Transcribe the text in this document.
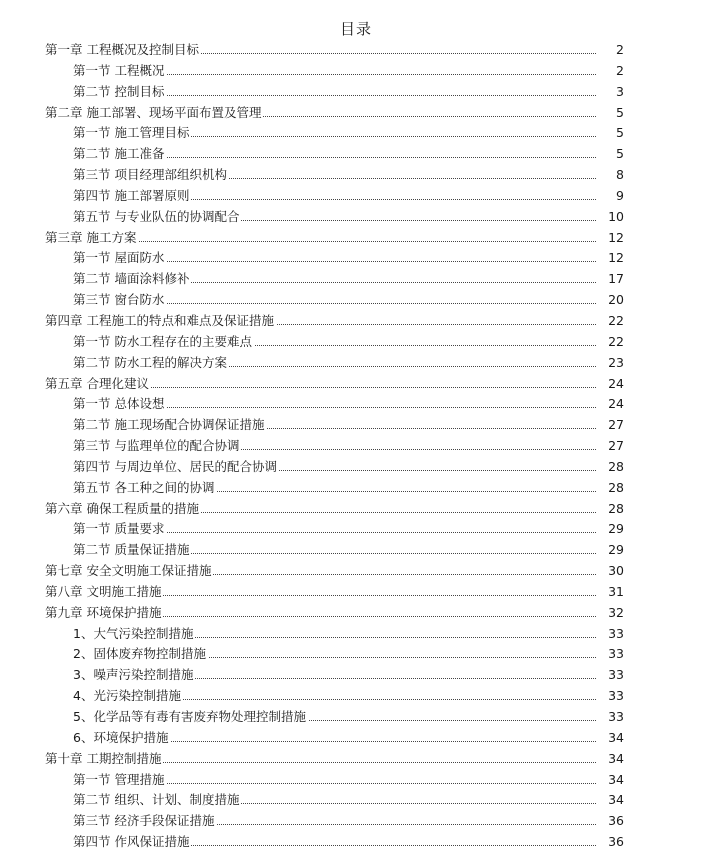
目录
第一章 工程概况及控制目标	2
第一节 工程概况	2
第二节 控制目标	3
第二章 施工部署、现场平面布置及管理	5
第一节 施工管理目标	5
第二节 施工准备	5
第三节 项目经理部组织机构	8
第四节 施工部署原则	9
第五节 与专业队伍的协调配合	10
第三章 施工方案	12
第一节 屋面防水	12
第二节 墙面涂料修补	17
第三节 窗台防水	20
第四章 工程施工的特点和难点及保证措施	22
第一节 防水工程存在的主要难点	22
第二节 防水工程的解决方案	23
第五章 合理化建议	24
第一节 总体设想	24
第二节 施工现场配合协调保证措施	27
第三节 与监理单位的配合协调	27
第四节 与周边单位、居民的配合协调	28
第五节 各工种之间的协调	28
第六章 确保工程质量的措施	28
第一节 质量要求	29
第二节 质量保证措施	29
第七章 安全文明施工保证措施	30
第八章 文明施工措施	31
第九章 环境保护措施	32
1、大气污染控制措施	33
2、固体废弃物控制措施	33
3、噪声污染控制措施	33
4、光污染控制措施	33
5、化学品等有毒有害废弃物处理控制措施	33
6、环境保护措施	34
第十章 工期控制措施	34
第一节 管理措施	34
第二节 组织、计划、制度措施	34
第三节 经济手段保证措施	36
第四节 作风保证措施	36
